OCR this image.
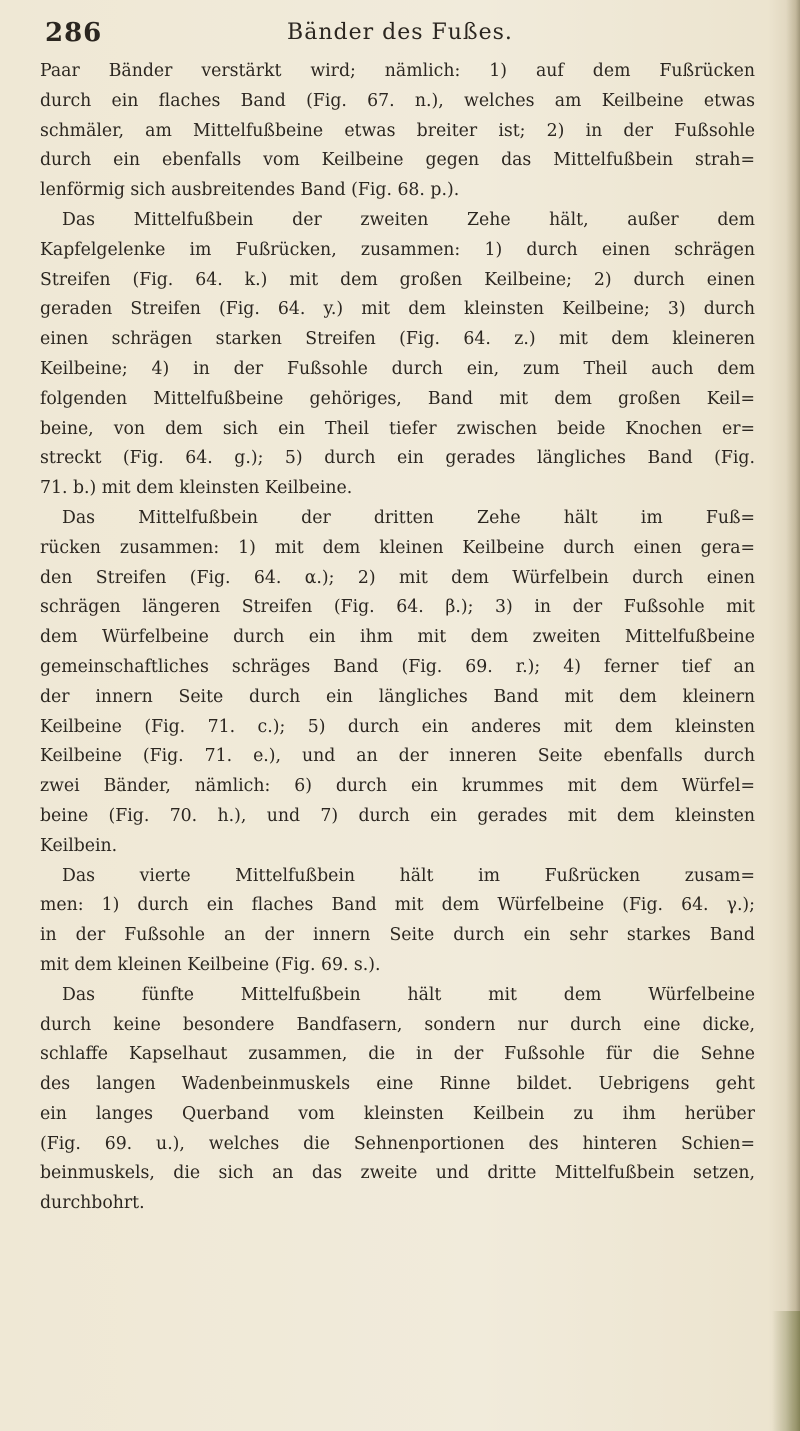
286	Bänder des Fußes.
Paar Bänder verstärkt wird; nämlich: 1) auf dem Fußrücken
durch ein flaches Band (Fig. 67. n.), welches am Keilbeine etwas
schmäler, am Mittelfußbeine etwas breiter ist; 2) in der Fußsohle
durch ein ebenfalls vom Keilbeine gegen das Mittelfußbein strah=
lenförmig sich ausbreitendes Band (Fig. 68. p.).
Das Mittelfußbein der zweiten Zehe hält, außer dem
Kapfelgelenke im Fußrücken, zusammen: 1) durch einen schrägen
Streifen (Fig. 64. k.) mit dem großen Keilbeine; 2) durch einen
geraden Streifen (Fig. 64. y.) mit dem kleinsten Keilbeine; 3) durch
einen schrägen starken Streifen (Fig. 64. z.) mit dem kleineren
Keilbeine; 4) in der Fußsohle durch ein, zum Theil auch dem
folgenden Mittelfußbeine gehöriges, Band mit dem großen Keil=
beine, von dem sich ein Theil tiefer zwischen beide Knochen er=
streckt (Fig. 64. g.); 5) durch ein gerades längliches Band (Fig.
71. b.) mit dem kleinsten Keilbeine.
Das Mittelfußbein der dritten Zehe hält im Fuß=
rücken zusammen: 1) mit dem kleinen Keilbeine durch einen gera=
den Streifen (Fig. 64. α.); 2) mit dem Würfelbein durch einen
schrägen längeren Streifen (Fig. 64. β.); 3) in der Fußsohle mit
dem Würfelbeine durch ein ihm mit dem zweiten Mittelfußbeine
gemeinschaftliches schräges Band (Fig. 69. r.); 4) ferner tief an
der innern Seite durch ein längliches Band mit dem kleinern
Keilbeine (Fig. 71. c.); 5) durch ein anderes mit dem kleinsten
Keilbeine (Fig. 71. e.), und an der inneren Seite ebenfalls durch
zwei Bänder, nämlich: 6) durch ein krummes mit dem Würfel=
beine (Fig. 70. h.), und 7) durch ein gerades mit dem kleinsten
Keilbein.
Das vierte Mittelfußbein hält im Fußrücken zusam=
men: 1) durch ein flaches Band mit dem Würfelbeine (Fig. 64. γ.);
in der Fußsohle an der innern Seite durch ein sehr starkes Band
mit dem kleinen Keilbeine (Fig. 69. s.).
Das fünfte Mittelfußbein hält mit dem Würfelbeine
durch keine besondere Bandfasern, sondern nur durch eine dicke,
schlaffe Kapselhaut zusammen, die in der Fußsohle für die Sehne
des langen Wadenbeinmuskels eine Rinne bildet. Uebrigens geht
ein langes Querband vom kleinsten Keilbein zu ihm herüber
(Fig. 69. u.), welches die Sehnenportionen des hinteren Schien=
beinmuskels, die sich an das zweite und dritte Mittelfußbein setzen,
durchbohrt.
